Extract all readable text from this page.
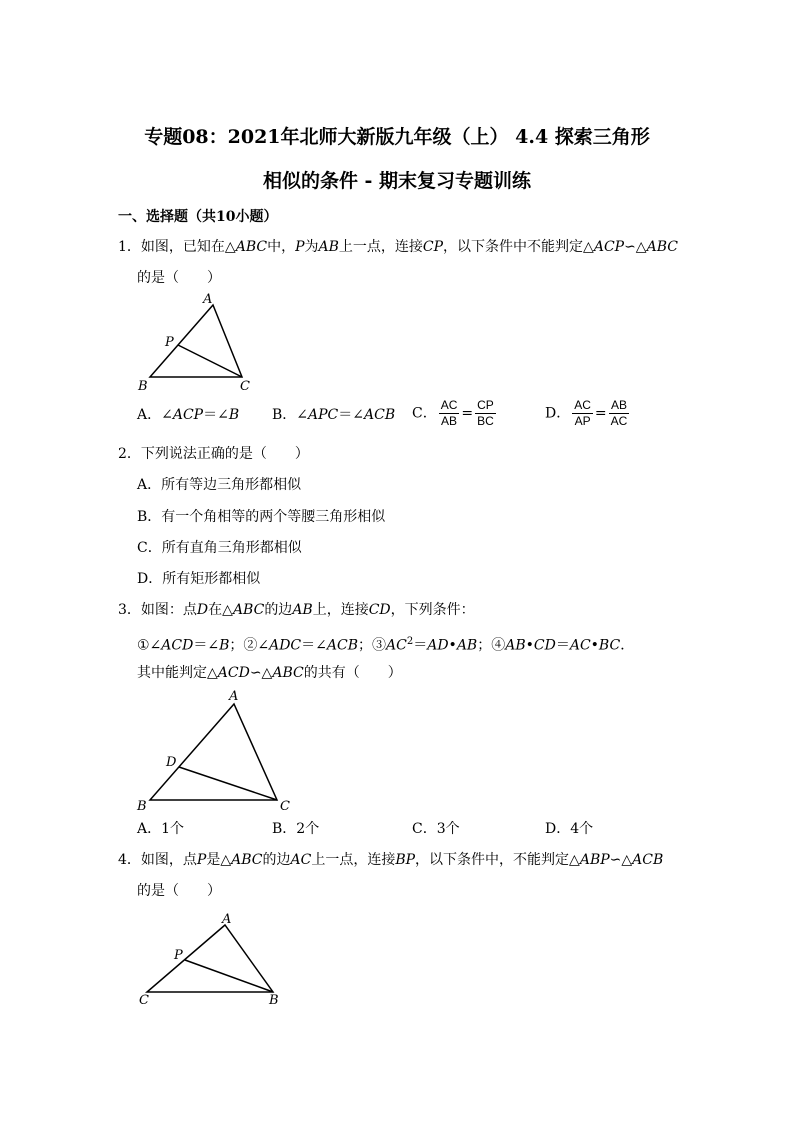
专题08：2021年北师大新版九年级（上） 4.4 探索三角形
相似的条件 - 期末复习专题训练
一、选择题（共10小题）
1．如图，已知在△ABC中，P为AB上一点，连接CP，以下条件中不能判定△ACP∽△ABC
的是（　　）
A
B	C
P
A．∠ACP＝∠B B．∠APC＝∠ACB C． $\frac{AC}{AB} = \frac{CP}{BC}$	D． $\frac{AC}{AP} = \frac{AB}{AC}$
2．下列说法正确的是（　　）
A．所有等边三角形都相似
B．有一个角相等的两个等腰三角形相似
C．所有直角三角形都相似
D．所有矩形都相似
3．如图：点D在△ABC的边AB上，连接CD，下列条件：
①∠ACD＝∠B；②∠ADC＝∠ACB；$③AC^2=AD•AB$；④AB•CD＝AC•BC．
其中能判定△ACD∽△ABC的共有（　　）
A
B	C
D
A．1个	B．2个	C．3个	D．4个
4．如图，点P是△ABC的边AC上一点，连接BP，以下条件中，不能判定△ABP∽△ACB
的是（　　）
A
C	B
P
